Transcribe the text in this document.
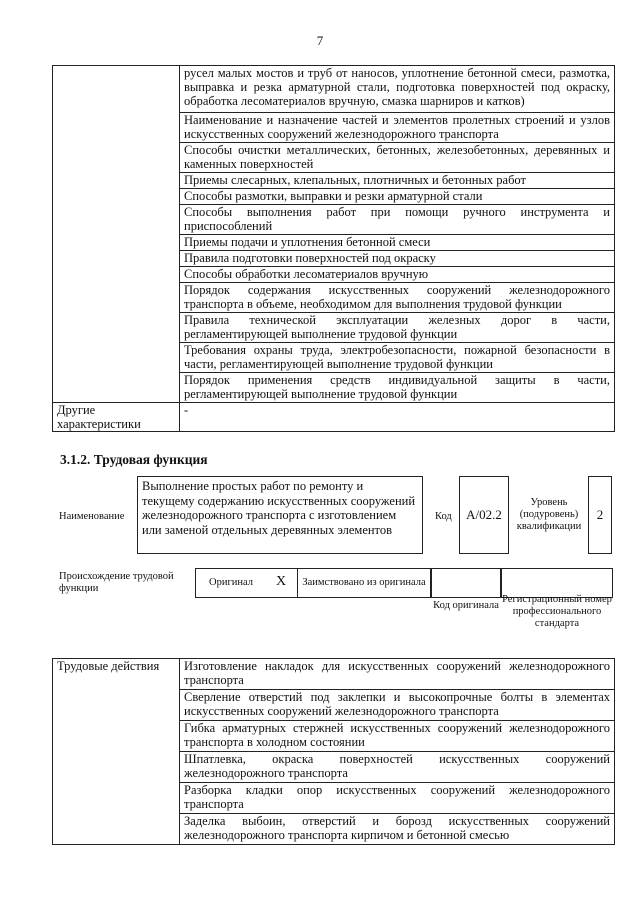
7
	русел малых мостов и труб от наносов, уплотнение бетонной смеси, размотка, выправка и резка арматурной стали, подготовка поверхностей под окраску, обработка лесоматериалов вручную, смазка шарниров и катков)
	Наименование и назначение частей и элементов пролетных строений и узлов искусственных сооружений железнодорожного транспорта
	Способы очистки металлических, бетонных, железобетонных, деревянных и каменных поверхностей
	Приемы слесарных, клепальных, плотничных и бетонных работ
	Способы размотки, выправки и резки арматурной стали
	Способы выполнения работ при помощи ручного инструмента и приспособлений
	Приемы подачи и уплотнения бетонной смеси
	Правила подготовки поверхностей под окраску
	Способы обработки лесоматериалов вручную
	Порядок содержания искусственных сооружений железнодорожного транспорта в объеме, необходимом для выполнения трудовой функции
	Правила технической эксплуатации железных дорог в части, регламентирующей выполнение трудовой функции
	Требования охраны труда, электробезопасности, пожарной безопасности в части, регламентирующей выполнение трудовой функции
	Порядок применения средств индивидуальной защиты в части, регламентирующей выполнение трудовой функции
Другие характеристики	-
3.1.2. Трудовая функция
Наименование
Выполнение простых работ по ремонту и текущему содержанию искусственных сооружений железнодорожного транспорта с изготовлением или заменой отдельных деревянных элементов
Код A/02.2
Уровень (подуровень) квалификации
2
Происхождение трудовой функции
Оригинал X Заимствовано из оригинала
Код оригинала
Регистрационный номер профессионального стандарта
Трудовые действия	Изготовление накладок для искусственных сооружений железнодорожного транспорта
Сверление отверстий под заклепки и высокопрочные болты в элементах искусственных сооружений железнодорожного транспорта
Гибка арматурных стержней искусственных сооружений железнодорожного транспорта в холодном состоянии
Шпатлевка, окраска поверхностей искусственных сооружений железнодорожного транспорта
Разборка кладки опор искусственных сооружений железнодорожного транспорта
Заделка выбоин, отверстий и борозд искусственных сооружений железнодорожного транспорта кирпичом и бетонной смесью
